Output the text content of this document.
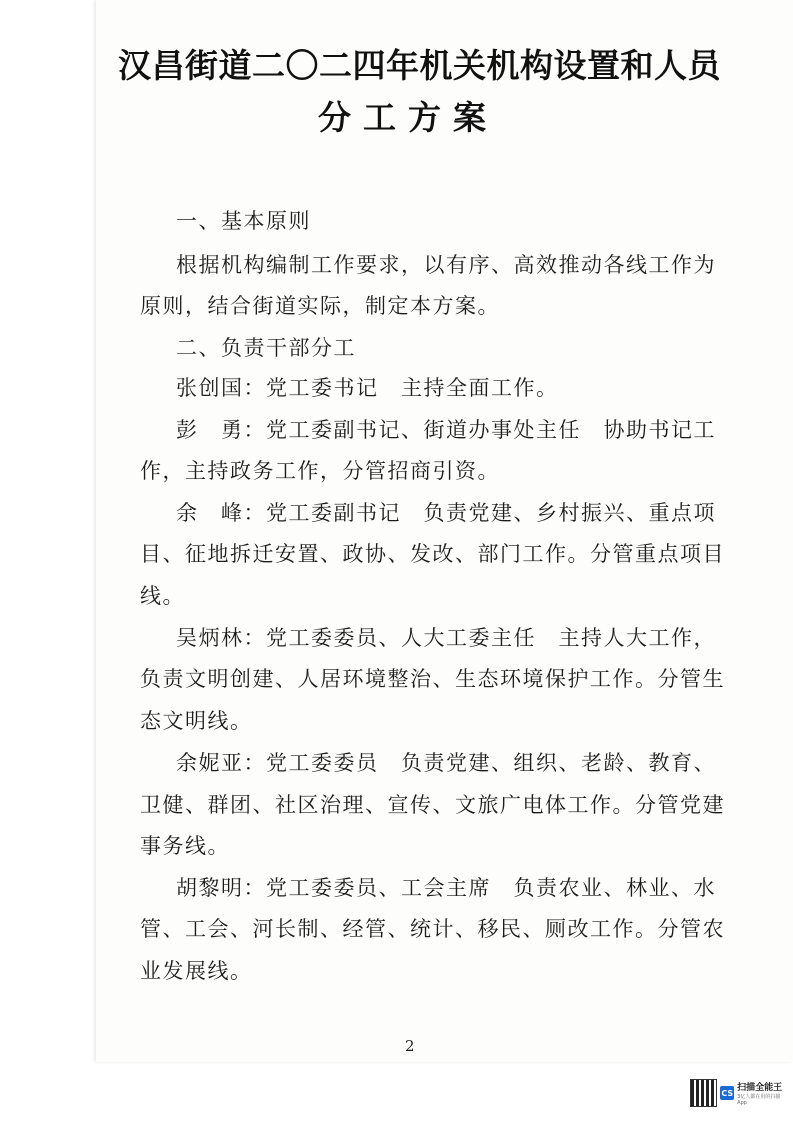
汉昌街道二〇二四年机关机构设置和人员
分工方案
一、基本原则
根据机构编制工作要求，以有序、高效推动各线工作为
原则，结合街道实际，制定本方案。
二、负责干部分工
张创国：党工委书记　主持全面工作。
彭　勇：党工委副书记、街道办事处主任　协助书记工
作，主持政务工作，分管招商引资。
余　峰：党工委副书记　负责党建、乡村振兴、重点项
目、征地拆迁安置、政协、发改、部门工作。分管重点项目
线。
吴炳林：党工委委员、人大工委主任　主持人大工作，
负责文明创建、人居环境整治、生态环境保护工作。分管生
态文明线。
余妮亚：党工委委员　负责党建、组织、老龄、教育、
卫健、群团、社区治理、宣传、文旅广电体工作。分管党建
事务线。
胡黎明：党工委委员、工会主席　负责农业、林业、水
管、工会、河长制、经管、统计、移民、厕改工作。分管农
业发展线。
2
CS 扫描全能王
3亿人都在用的扫描App
